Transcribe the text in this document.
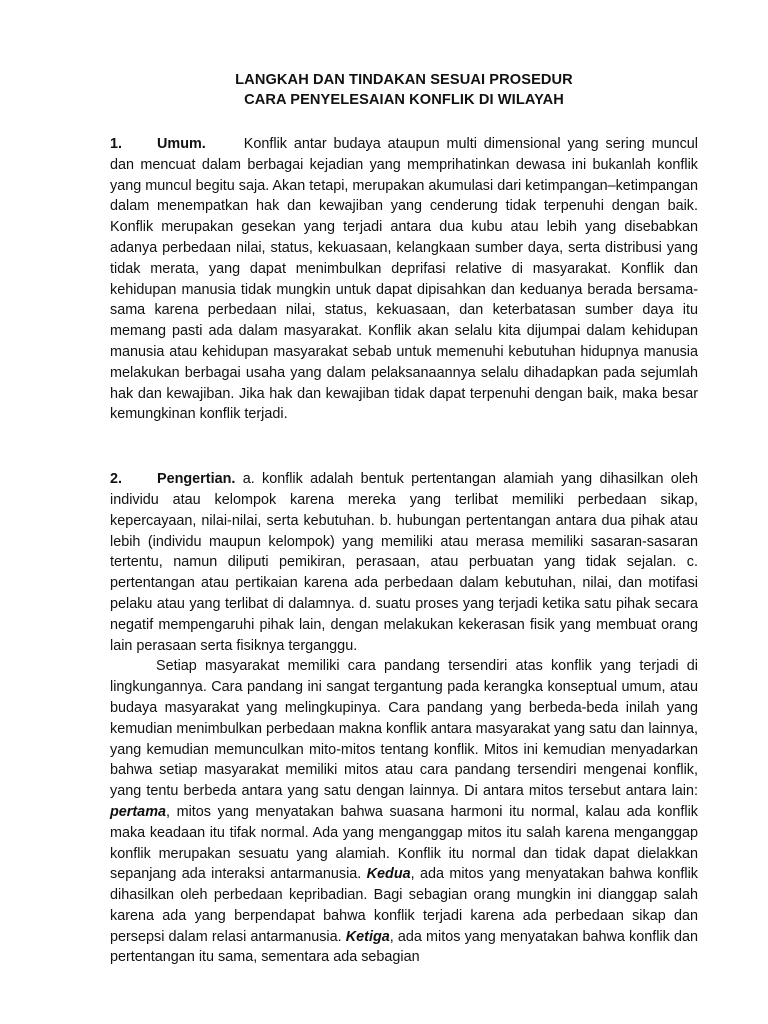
LANGKAH DAN TINDAKAN SESUAI PROSEDUR
CARA PENYELESAIAN KONFLIK DI WILAYAH

1. Umum.	Konflik antar budaya ataupun multi dimensional yang sering muncul dan mencuat dalam berbagai kejadian yang memprihatinkan dewasa ini bukanlah konflik yang muncul begitu saja. Akan tetapi, merupakan akumulasi dari ketimpangan–ketimpangan dalam menempatkan hak dan kewajiban yang cenderung tidak terpenuhi dengan baik. Konflik merupakan gesekan yang terjadi antara dua kubu atau lebih yang disebabkan adanya perbedaan nilai, status, kekuasaan, kelangkaan sumber daya, serta distribusi yang tidak merata, yang dapat menimbulkan deprifasi relative di masyarakat. Konflik dan kehidupan manusia tidak mungkin untuk dapat dipisahkan dan keduanya berada bersama-sama karena perbedaan nilai, status, kekuasaan, dan keterbatasan sumber daya itu memang pasti ada dalam masyarakat. Konflik akan selalu kita dijumpai dalam kehidupan manusia atau kehidupan masyarakat sebab untuk memenuhi kebutuhan hidupnya manusia melakukan berbagai usaha yang dalam pelaksanaannya selalu dihadapkan pada sejumlah hak dan kewajiban. Jika hak dan kewajiban tidak dapat terpenuhi dengan baik, maka besar kemungkinan konflik terjadi.

2. Pengertian. a. konflik adalah bentuk pertentangan alamiah yang dihasilkan oleh individu atau kelompok karena mereka yang terlibat memiliki perbedaan sikap, kepercayaan, nilai-nilai, serta kebutuhan. b. hubungan pertentangan antara dua pihak atau lebih (individu maupun kelompok) yang memiliki atau merasa memiliki sasaran-sasaran tertentu, namun diliputi pemikiran, perasaan, atau perbuatan yang tidak sejalan. c. pertentangan atau pertikaian karena ada perbedaan dalam kebutuhan, nilai, dan motifasi pelaku atau yang terlibat di dalamnya. d. suatu proses yang terjadi ketika satu pihak secara negatif mempengaruhi pihak lain, dengan melakukan kekerasan fisik yang membuat orang lain perasaan serta fisiknya terganggu.

Setiap masyarakat memiliki cara pandang tersendiri atas konflik yang terjadi di lingkungannya. Cara pandang ini sangat tergantung pada kerangka konseptual umum, atau budaya masyarakat yang melingkupinya. Cara pandang yang berbeda-beda inilah yang kemudian menimbulkan perbedaan makna konflik antara masyarakat yang satu dan lainnya, yang kemudian memunculkan mito-mitos tentang konflik. Mitos ini kemudian menyadarkan bahwa setiap masyarakat memiliki mitos atau cara pandang tersendiri mengenai konflik, yang tentu berbeda antara yang satu dengan lainnya. Di antara mitos tersebut antara lain: pertama, mitos yang menyatakan bahwa suasana harmoni itu normal, kalau ada konflik maka keadaan itu tifak normal. Ada yang menganggap mitos itu salah karena menganggap konflik merupakan sesuatu yang alamiah. Konflik itu normal dan tidak dapat dielakkan sepanjang ada interaksi antarmanusia. Kedua, ada mitos yang menyatakan bahwa konflik dihasilkan oleh perbedaan kepribadian. Bagi sebagian orang mungkin ini dianggap salah karena ada yang berpendapat bahwa konflik terjadi karena ada perbedaan sikap dan persepsi dalam relasi antarmanusia. Ketiga, ada mitos yang menyatakan bahwa konflik dan pertentangan itu sama, sementara ada sebagian
